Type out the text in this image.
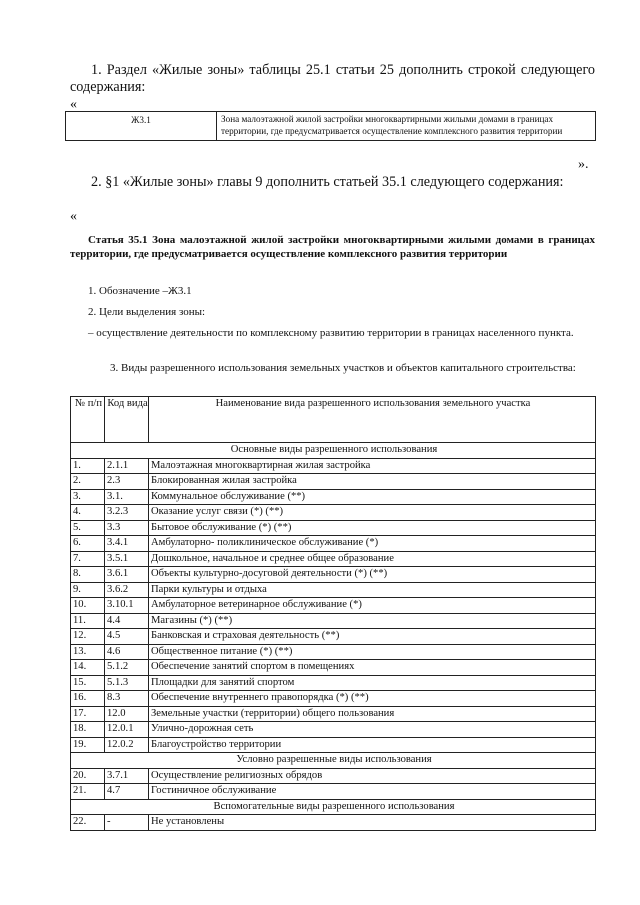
1. Раздел «Жилые зоны» таблицы 25.1 статьи 25 дополнить строкой следующего содержания:
«
Ж3.1	Зона малоэтажной жилой застройки многоквартирными жилыми домами в границах территории, где предусматривается осуществление комплексного развития территории
».
2. §1 «Жилые зоны» главы 9 дополнить статьей 35.1 следующего содержания:
«
Статья 35.1 Зона малоэтажной жилой застройки многоквартирными жилыми домами в границах территории, где предусматривается осуществление комплексного развития территории
1. Обозначение –Ж3.1
2. Цели выделения зоны:
– осуществление деятельности по комплексному развитию территории в границах населенного пункта.
3. Виды разрешенного использования земельных участков и объектов капитального строительства:
№ п/п	Код вида	Наименование вида разрешенного использования земельного участка
Основные виды разрешенного использования		
1.	2.1.1	Малоэтажная многоквартирная жилая застройка
2.	2.3	Блокированная жилая застройка
3.	3.1.	Коммунальное обслуживание (**)
4.	3.2.3	Оказание услуг связи (*) (**)
5.	3.3	Бытовое обслуживание (*) (**)
6.	3.4.1	Амбулаторно- поликлиническое обслуживание (*)
7.	3.5.1	Дошкольное, начальное и среднее общее образование
8.	3.6.1	Объекты культурно-досуговой деятельности (*) (**)
9.	3.6.2	Парки культуры и отдыха
10.	3.10.1	Амбулаторное ветеринарное обслуживание (*)
11.	4.4	Магазины (*) (**)
12.	4.5	Банковская и страховая деятельность (**)
13.	4.6	Общественное питание (*) (**)
14.	5.1.2	Обеспечение занятий спортом в помещениях
15.	5.1.3	Площадки для занятий спортом
16.	8.3	Обеспечение внутреннего правопорядка (*) (**)
17.	12.0	Земельные участки (территории) общего пользования
18.	12.0.1	Улично-дорожная сеть
19.	12.0.2	Благоустройство территории
Условно разрешенные виды использования		
20.	3.7.1	Осуществление религиозных обрядов
21.	4.7	Гостиничное обслуживание
Вспомогательные виды разрешенного использования		
22.	-	Не установлены
